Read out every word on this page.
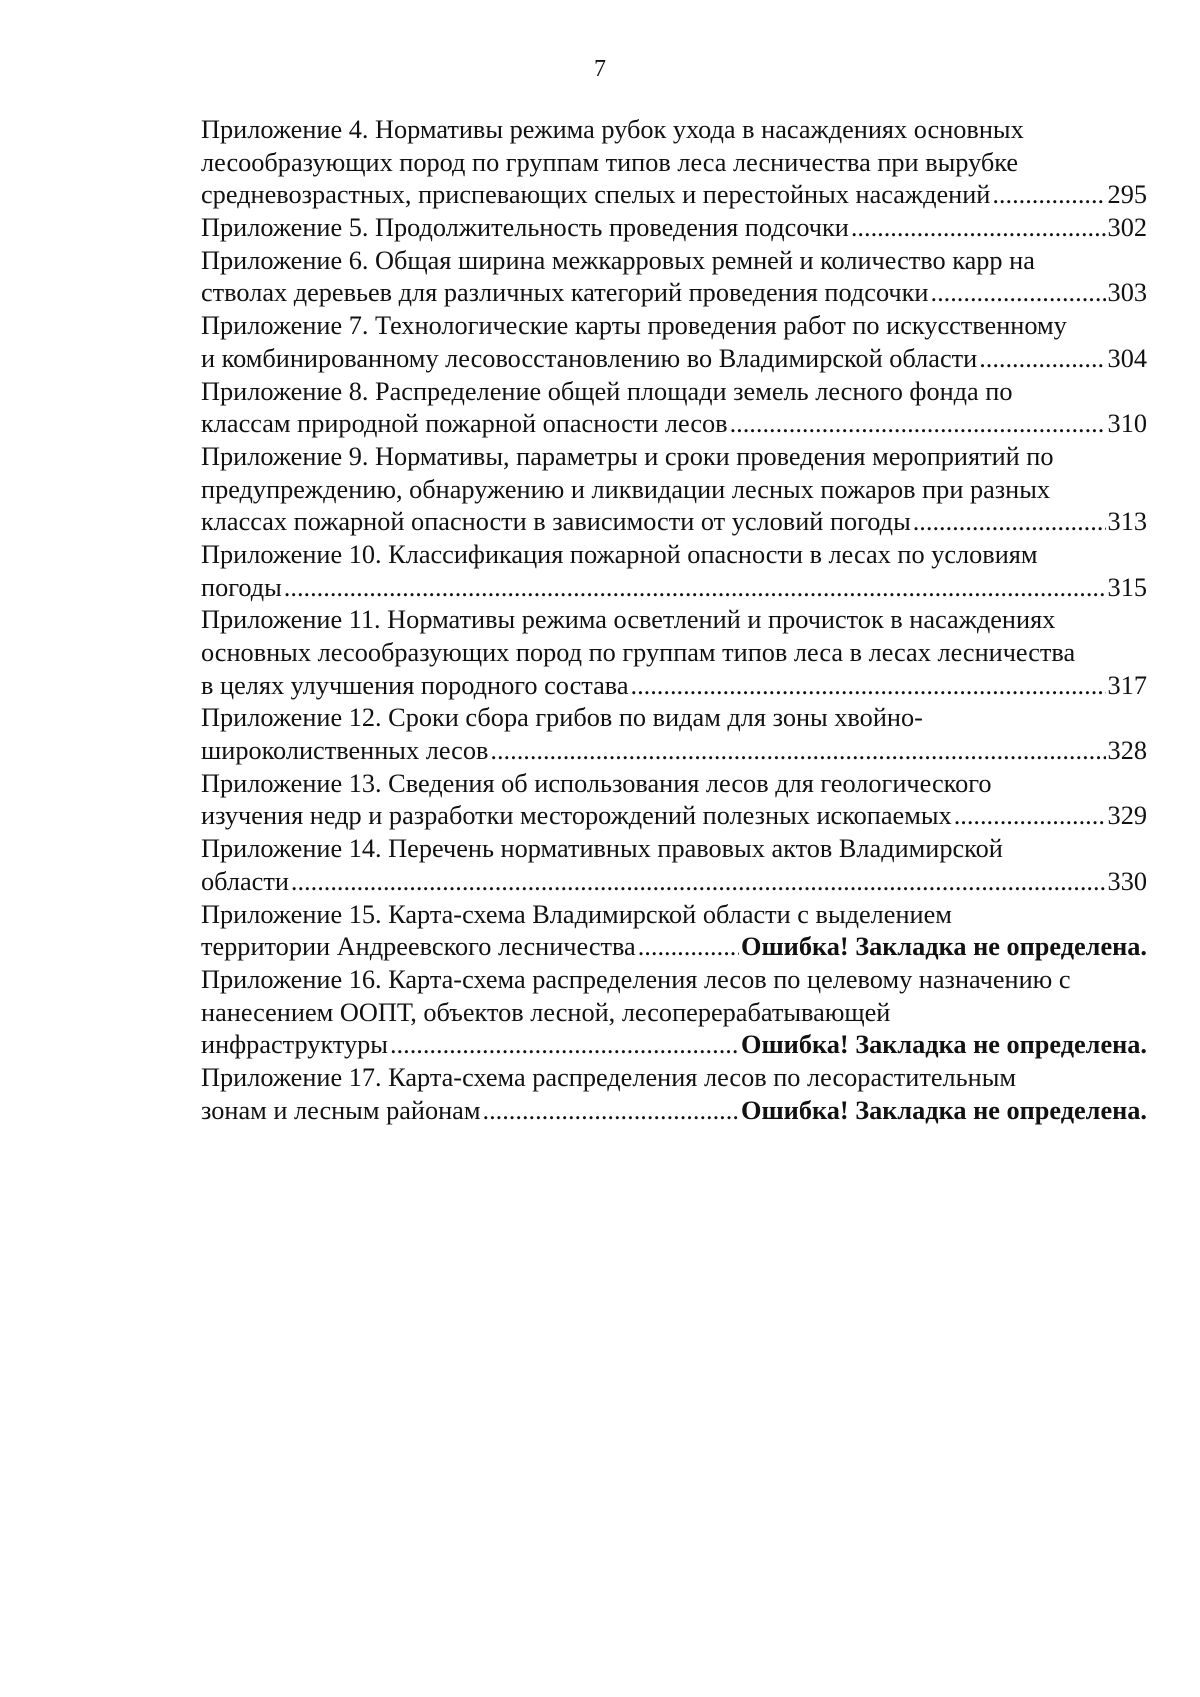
7
Приложение 4. Нормативы режима рубок ухода в насаждениях основных
лесообразующих пород по группам типов леса лесничества при вырубке
средневозрастных, приспевающих спелых и перестойных насаждений .....	295
Приложение 5. Продолжительность проведения подсочки .....	302
Приложение 6. Общая ширина межкарровых ремней и количество карр на
стволах деревьев для различных категорий проведения подсочки .....	303
Приложение 7. Технологические карты проведения работ по искусственному
и комбинированному лесовосстановлению во Владимирской области .....	304
Приложение 8. Распределение общей площади земель лесного фонда по
классам природной пожарной опасности лесов .....	310
Приложение 9. Нормативы, параметры и сроки проведения мероприятий по
предупреждению, обнаружению и ликвидации лесных пожаров при разных
классах пожарной опасности в зависимости от условий погоды .....	313
Приложение 10. Классификация пожарной опасности в лесах по условиям
погоды .....	315
Приложение 11. Нормативы режима осветлений и прочисток в насаждениях
основных лесообразующих пород по группам типов леса в лесах лесничества
в целях улучшения породного состава .....	317
Приложение 12. Сроки сбора грибов по видам для зоны хвойно-
широколиственных лесов .....	328
Приложение 13. Сведения об использования лесов для геологического
изучения недр и разработки месторождений полезных ископаемых .....	329
Приложение 14. Перечень нормативных правовых актов Владимирской
области .....	330
Приложение 15. Карта-схема Владимирской области с выделением
территории Андреевского лесничества .....	Ошибка! Закладка не определена.
Приложение 16. Карта-схема распределения лесов по целевому назначению с
нанесением ООПТ, объектов лесной, лесоперерабатывающей
инфраструктуры .....	Ошибка! Закладка не определена.
Приложение 17. Карта-схема распределения лесов по лесорастительным
зонам и лесным районам .....	Ошибка! Закладка не определена.
